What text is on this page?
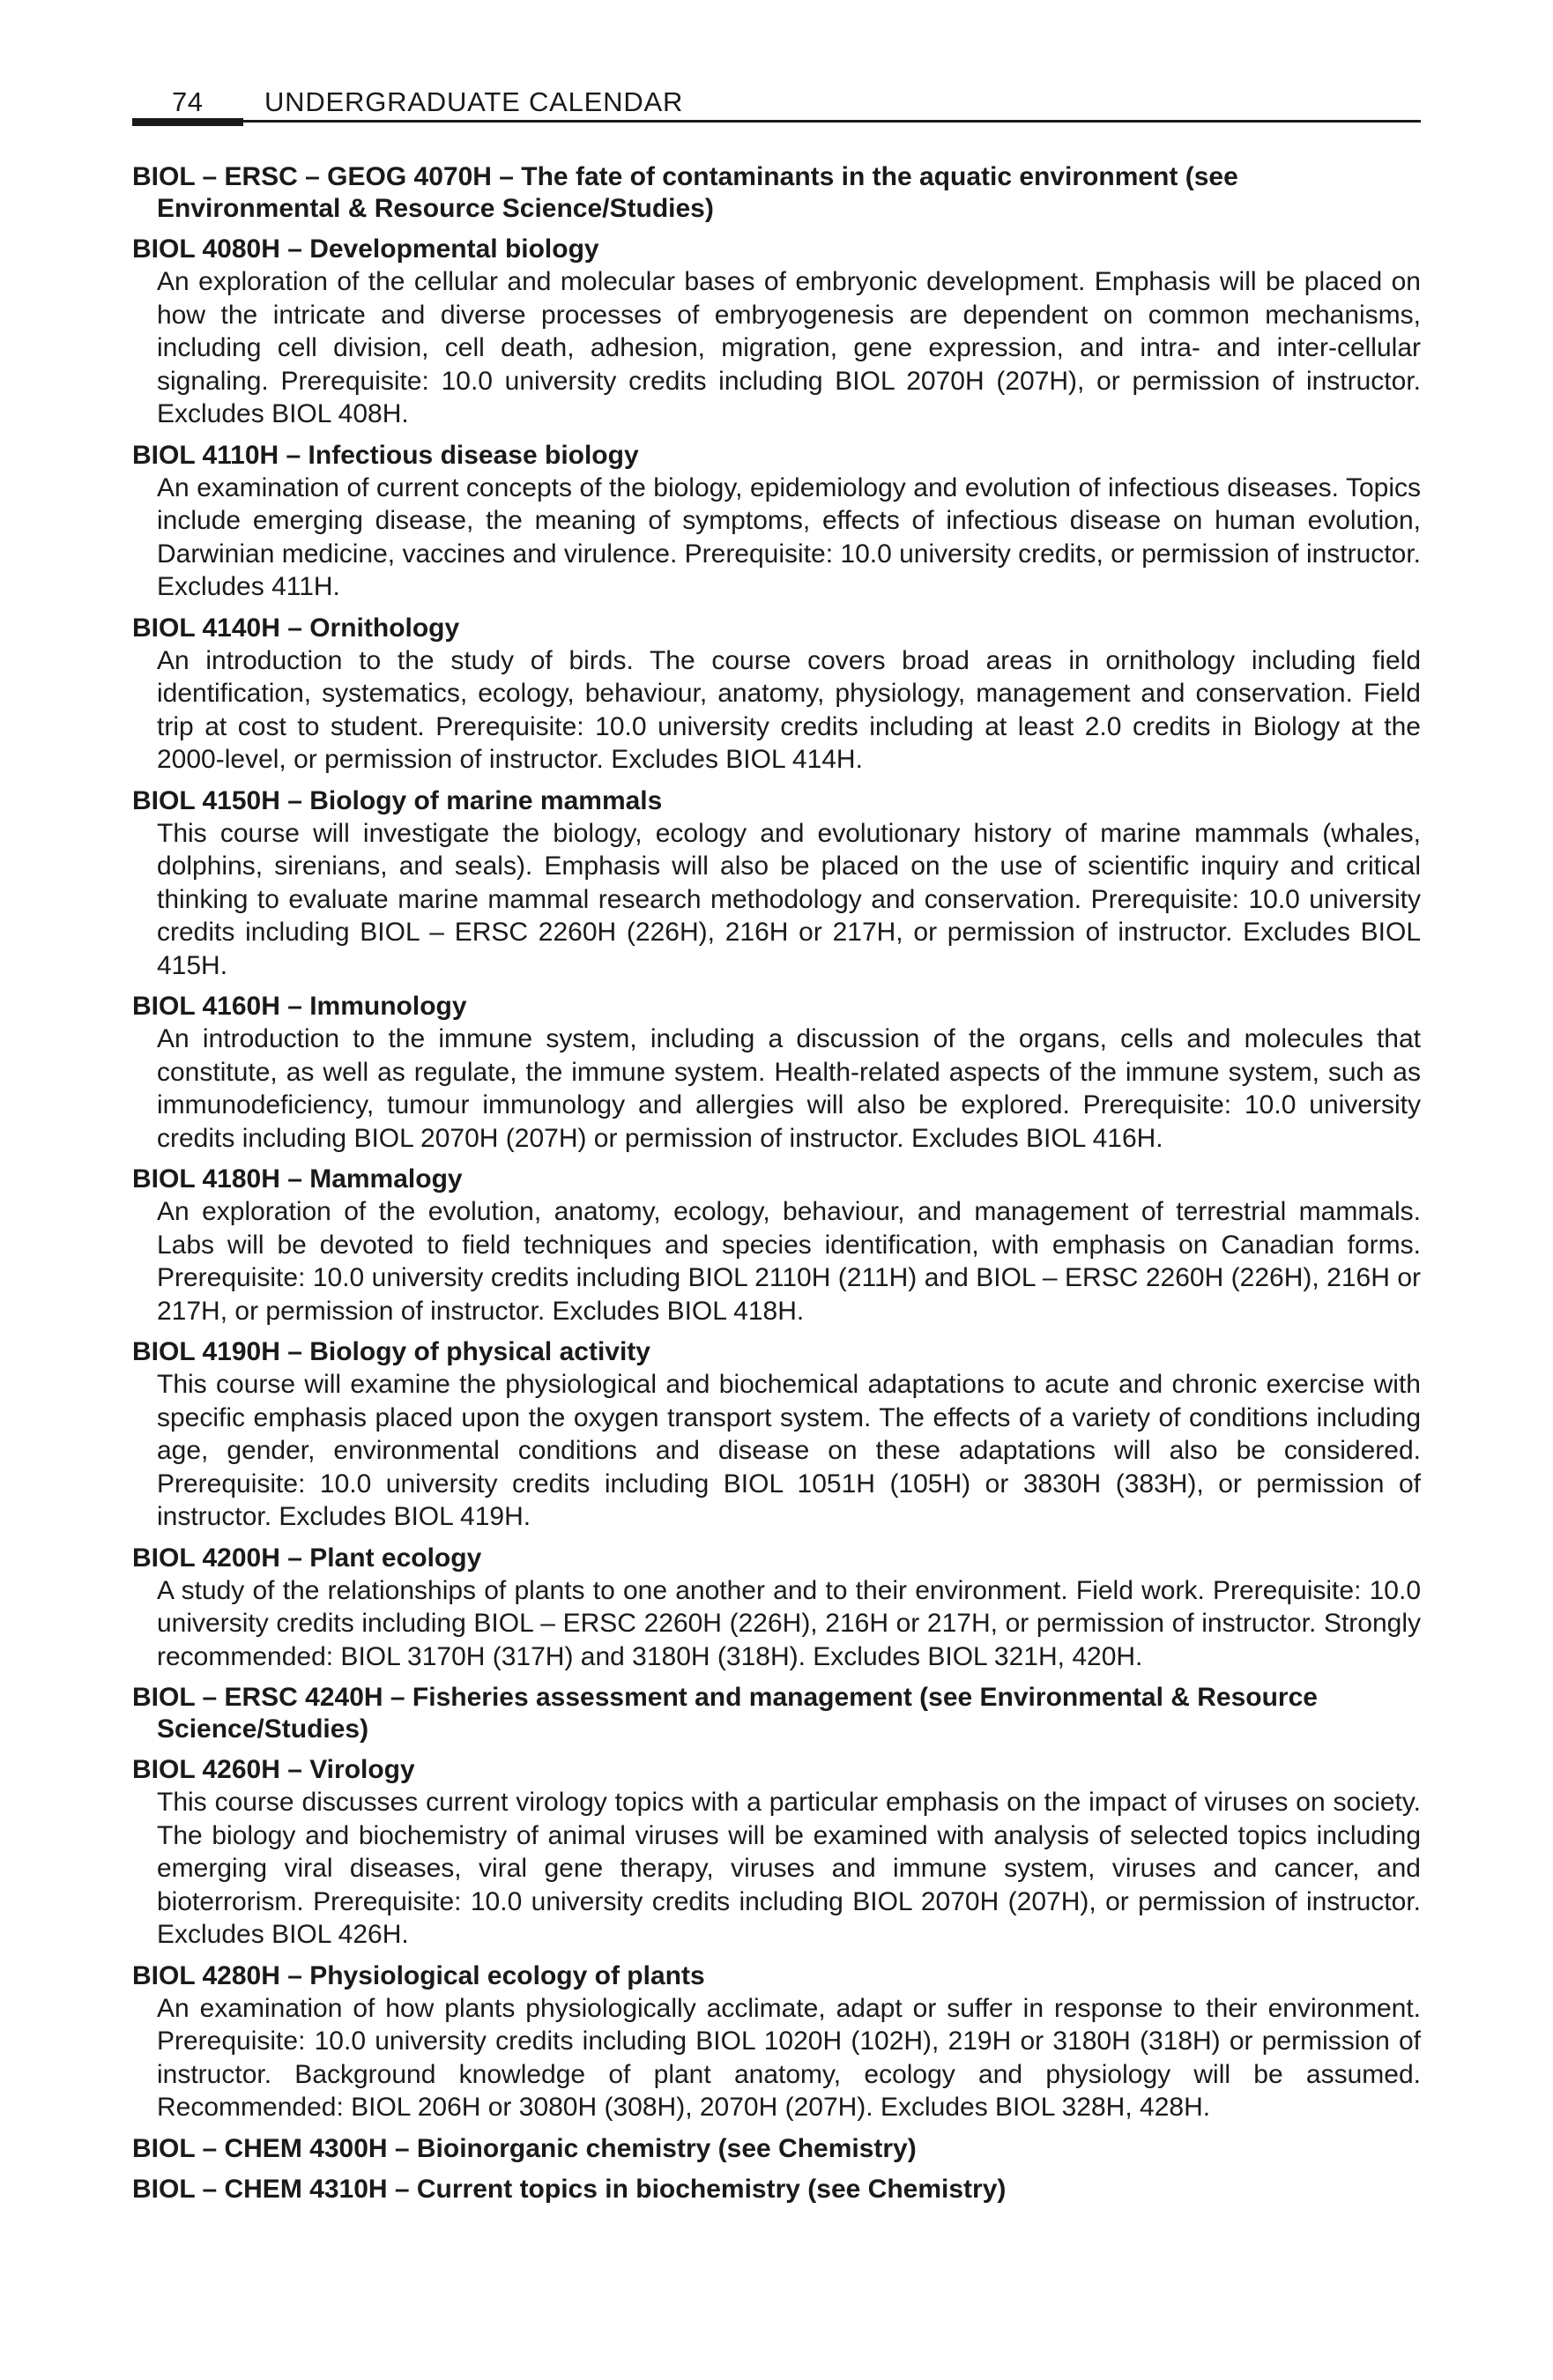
74 UNDERGRADUATE CALENDAR

BIOL – ERSC – GEOG 4070H – The fate of contaminants in the aquatic environment (see Environmental & Resource Science/Studies)

BIOL 4080H – Developmental biology

An exploration of the cellular and molecular bases of embryonic development. Emphasis will be placed on how the intricate and diverse processes of embryogenesis are dependent on common mechanisms, including cell division, cell death, adhesion, migration, gene expression, and intra- and inter-cellular signaling. Prerequisite: 10.0 university credits including BIOL 2070H (207H), or permission of instructor. Excludes BIOL 408H.

BIOL 4110H – Infectious disease biology

An examination of current concepts of the biology, epidemiology and evolution of infectious diseases. Topics include emerging disease, the meaning of symptoms, effects of infectious disease on human evolution, Darwinian medicine, vaccines and virulence. Prerequisite: 10.0 university credits, or permission of instructor. Excludes 411H.

BIOL 4140H – Ornithology

An introduction to the study of birds. The course covers broad areas in ornithology including field identification, systematics, ecology, behaviour, anatomy, physiology, management and conservation. Field trip at cost to student. Prerequisite: 10.0 university credits including at least 2.0 credits in Biology at the 2000-level, or permission of instructor. Excludes BIOL 414H.

BIOL 4150H – Biology of marine mammals

This course will investigate the biology, ecology and evolutionary history of marine mammals (whales, dolphins, sirenians, and seals). Emphasis will also be placed on the use of scientific inquiry and critical thinking to evaluate marine mammal research methodology and conservation. Prerequisite: 10.0 university credits including BIOL – ERSC 2260H (226H), 216H or 217H, or permission of instructor. Excludes BIOL 415H.

BIOL 4160H – Immunology

An introduction to the immune system, including a discussion of the organs, cells and molecules that constitute, as well as regulate, the immune system. Health-related aspects of the immune system, such as immunodeficiency, tumour immunology and allergies will also be explored. Prerequisite: 10.0 university credits including BIOL 2070H (207H) or permission of instructor. Excludes BIOL 416H.

BIOL 4180H – Mammalogy

An exploration of the evolution, anatomy, ecology, behaviour, and management of terrestrial mammals. Labs will be devoted to field techniques and species identification, with emphasis on Canadian forms. Prerequisite: 10.0 university credits including BIOL 2110H (211H) and BIOL – ERSC 2260H (226H), 216H or 217H, or permission of instructor. Excludes BIOL 418H.

BIOL 4190H – Biology of physical activity

This course will examine the physiological and biochemical adaptations to acute and chronic exercise with specific emphasis placed upon the oxygen transport system. The effects of a variety of conditions including age, gender, environmental conditions and disease on these adaptations will also be considered. Prerequisite: 10.0 university credits including BIOL 1051H (105H) or 3830H (383H), or permission of instructor. Excludes BIOL 419H.

BIOL 4200H – Plant ecology

A study of the relationships of plants to one another and to their environment. Field work. Prerequisite: 10.0 university credits including BIOL – ERSC 2260H (226H), 216H or 217H, or permission of instructor. Strongly recommended: BIOL 3170H (317H) and 3180H (318H). Excludes BIOL 321H, 420H.

BIOL – ERSC 4240H – Fisheries assessment and management (see Environmental & Resource Science/Studies)

BIOL 4260H – Virology

This course discusses current virology topics with a particular emphasis on the impact of viruses on society. The biology and biochemistry of animal viruses will be examined with analysis of selected topics including emerging viral diseases, viral gene therapy, viruses and immune system, viruses and cancer, and bioterrorism. Prerequisite: 10.0 university credits including BIOL 2070H (207H), or permission of instructor. Excludes BIOL 426H.

BIOL 4280H – Physiological ecology of plants

An examination of how plants physiologically acclimate, adapt or suffer in response to their environment. Prerequisite: 10.0 university credits including BIOL 1020H (102H), 219H or 3180H (318H) or permission of instructor. Background knowledge of plant anatomy, ecology and physiology will be assumed. Recommended: BIOL 206H or 3080H (308H), 2070H (207H). Excludes BIOL 328H, 428H.

BIOL – CHEM 4300H – Bioinorganic chemistry (see Chemistry)

BIOL – CHEM 4310H – Current topics in biochemistry (see Chemistry)
